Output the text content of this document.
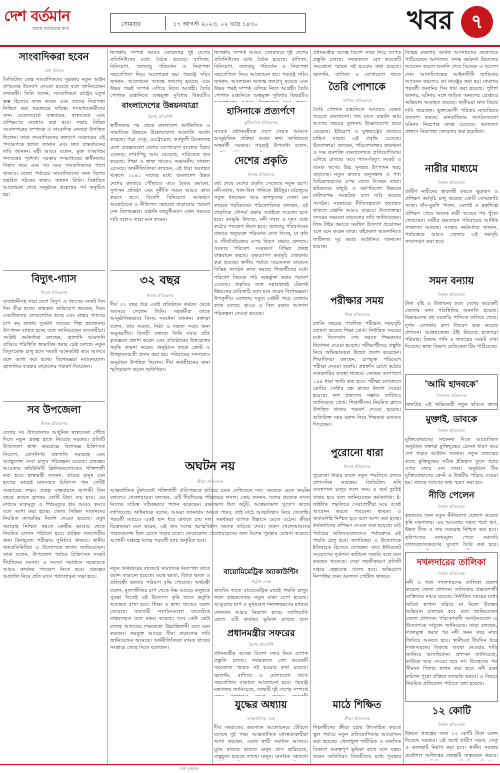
দেশ বর্তমান
অবাধ বর্তমানের কথা
সোমবার	১৭ আগস্ট ২০২৩, ০২ ভাদ্র ১৪৩০	খবর ৭
সাংবাদিকরা হবেন
প্রেস রিলিজ
ডিজিটাল ডেস্ক সাংবাদিকদের সুরক্ষায় নতুন আইন প্রণয়নের উদ্যোগ নেওয়া হয়েছে বলে জানিয়েছেন তথ্যমন্ত্রী। তিনি বলেন, সাংবাদিকরা রাষ্ট্রের চতুর্থ স্তম্ভ হিসেবে কাজ করেন এবং তাদের নিরাপত্তা নিশ্চিত করা সরকারের দায়িত্ব। গণমাধ্যমকর্মীদের জন্য ওয়েজবোর্ড বাস্তবায়ন, স্বাস্থ্যসেবা এবং প্রশিক্ষণের ব্যবস্থাও করা হবে। সভায় বিভিন্ন সংবাদপত্রের সম্পাদক ও সাংবাদিক নেতারা উপস্থিত ছিলেন। তারা সাংবাদিকদের কল্যাণে সরকারের এই পদক্ষেপকে স্বাগত জানান এবং দ্রুত বাস্তবায়নের দাবি জানান। মন্ত্রী আরও বলেন, মুক্ত গণমাধ্যম গণতন্ত্রের পূর্বশর্ত। সরকার গণমাধ্যমের স্বাধীনতায় বিশ্বাস করে এবং সব সময় সাংবাদিকদের পাশে থাকবে। জেলা পর্যায়ের সাংবাদিকদের জন্য বিশেষ তহবিল গঠনের কথাও জানান তিনি। বিস্তারিত আলোচনা শেষে অনুষ্ঠানে প্রশ্নোত্তর পর্ব অনুষ্ঠিত হয়।
বিদ্যুৎ-গ্যাস
নিজস্ব প্রতিবেদক
রাজধানীসহ সারা দেশে বিদ্যুৎ ও গ্যাসের সংকট দিন দিন তীব্র হচ্ছে। গ্রাহকরা অভিযোগ করছেন, দিনে একাধিকবার লোডশেডিং হচ্ছে এবং রান্নার গ্যাসের চাপ কম থাকায় দুর্ভোগ বাড়ছে। শিল্প কারখানায় উৎপাদন ব্যাহত হচ্ছে বলে জানিয়েছেন ব্যবসায়ীরা। সংশ্লিষ্ট কর্মকর্তারা বলছেন, জ্বালানি আমদানি বাড়িয়ে পরিস্থিতি স্বাভাবিক করার চেষ্টা চলছে। নতুন বিদ্যুৎকেন্দ্র চালু হলে সংকট অনেকটাই কমে আসবে বলে আশা করা হচ্ছে। বিশেষজ্ঞরা নবায়নযোগ্য জ্বালানির ব্যবহার বাড়ানোর পরামর্শ দিয়েছেন।
সব উপজেলা
নিজস্ব প্রতিবেদক
দেশের সব উপজেলায় আধুনিক স্বাস্থ্যসেবা পৌঁছে দিতে নতুন প্রকল্প হাতে নিয়েছে সরকার। প্রতিটি উপজেলা স্বাস্থ্য কমপ্লেক্সে বিশেষজ্ঞ চিকিৎসক নিয়োগ, রোগনির্ণয় যন্ত্রপাতি সরবরাহ এবং অ্যাম্বুলেন্স সেবা চালুর পরিকল্পনা রয়েছে। প্রকল্পের আওতায় কমিউনিটি ক্লিনিকগুলোকেও শক্তিশালী করা হবে। স্বাস্থ্যমন্ত্রী জানান, গ্রামের মানুষ যেন হাতের কাছেই মানসম্মত চিকিৎসা পান সেটিই সরকারের লক্ষ্য। প্রকল্প বাস্তবায়নে আগামী তিন বছরে কয়েক হাজার কোটি টাকা ব্যয় হবে। এর মাধ্যমে মাতৃমৃত্যু ও শিশুমৃত্যুর হার আরও কমবে বলে আশা করা হচ্ছে। জেলা সিভিল সার্জনদের নিয়মিত তদারকির নির্দেশ দেওয়া হয়েছে। ওষুধ সরবরাহ নিশ্চিত করতে কেন্দ্রীয় ভাণ্ডার থেকে নিয়মিত চালান পাঠানো হবে। প্রান্তিক জনগোষ্ঠীর জন্য বিনামূল্যে পরীক্ষার সুবিধাও থাকবে। স্থানীয় জনপ্রতিনিধিরা এ উদ্যোগকে স্বাগত জানিয়েছেন। তারা বলেন, উপজেলা পর্যায়ে চিকিৎসক সংকট দীর্ঘদিনের সমস্যা। এ সমস্যা সমাধানে সরকারকে আরও কার্যকর পদক্ষেপ নিতে হবে। প্রকল্পের অগ্রগতি নিয়ে প্রতি মাসে পর্যালোচনা সভা হবে।
দ্বিপক্ষীয় সম্পর্ক আরও জোরদারে দুই দেশের প্রতিনিধিদের মধ্যে বৈঠক হয়েছে। বাণিজ্য, বিনিয়োগ, জলবায়ু পরিবর্তন ও নিরাপত্তা সহযোগিতা নিয়ে আলোচনা হয়। পররাষ্ট্র সচিব জানান, আলোচনা অত্যন্ত ফলপ্রসূ হয়েছে এবং উভয় পক্ষই সম্পর্ক এগিয়ে নিতে আগ্রহী। তৈরি পোশাক রপ্তানিতে শুল্কমুক্ত সুবিধার বিষয়টিও
বাংলাদেশের উন্নয়নযাত্রা
বিশেষ প্রতিনিধি
স্বাধীনতার পর থেকে বাংলাদেশ অর্থনৈতিক ও সামাজিক উন্নয়নে উল্লেখযোগ্য অগ্রগতি অর্জন করেছে। পদ্মা সেতু, মেট্রোরেল, কর্ণফুলী টানেলসহ মেগা প্রকল্পগুলো দেশের যোগাযোগ ব্যবস্থায় বিপ্লব এনেছে। মাথাপিছু আয় বেড়েছে, দারিদ্র্যের হার কমেছে। শিক্ষা ও স্বাস্থ্য খাতেও অভাবনীয় সাফল্য এসেছে। অর্থনীতিবিদরা বলছেন, এই ধারা অব্যাহত থাকলে ২০৪১ সালের মধ্যে বাংলাদেশ উন্নত দেশের কাতারে পৌঁছাবে। তবে বৈষম্য কমানো, সুশাসন প্রতিষ্ঠা এবং দুর্নীতি দমনে আরও কাজ করতে হবে। বিদেশি বিনিয়োগ আকর্ষণে অবকাঠামো ও নীতিগত সহায়তা বাড়ানোর পরামর্শ দেন বিশেষজ্ঞরা। রপ্তানি বহুমুখীকরণ এখন সময়ের দাবি বলেও তারা মনে করেন।
৩২ বছর
নিজস্ব প্রতিবেদক
দীর্ঘ ৩২ বছর ধরে একই প্রতিষ্ঠানে কর্মরত থেকে অবসরে গেলেন তিনি। সহকর্মীরা তাকে আনুষ্ঠানিকভাবে বিদায় সংবর্ধনা জানান। বক্তারা বলেন, তার সততা, নিষ্ঠা ও দক্ষতা সবার জন্য অনুকরণীয়। বিদায়ী বক্তব্যে তিনি সবার প্রতি কৃতজ্ঞতা প্রকাশ করেন এবং প্রতিষ্ঠানের উত্তরোত্তর সমৃদ্ধি কামনা করেন। অনুষ্ঠানে তাকে ক্রেস্ট ও উপহারসামগ্রী প্রদান করা হয়। পরিবারের সদস্যরাও অনুষ্ঠানে উপস্থিত ছিলেন। দীর্ঘ কর্মজীবনের নানা স্মৃতিচারণা করেন অতিথিরা।
অঘটন নয়
ক্রীড়া প্রতিবেদক
আন্তর্জাতিক টুর্নামেন্টে শক্তিশালী প্রতিপক্ষকে হারিয়ে চমক দেখিয়েছে দল। অনেকে একে অঘটন বললেও খেলোয়াড়রা বলছেন, এটি দীর্ঘদিনের পরিশ্রমের ফসল। কোচ জানান, দলের প্রত্যেক সদস্য নিজের দায়িত্ব সঠিকভাবে পালন করেছেন। রক্ষণভাগ ছিল অটুট, আক্রমণভাগ সুযোগ কাজে লাগিয়েছে। অধিনায়ক বলেন, আমরা জানতাম আমরা পারব, তাই মাঠে আত্মবিশ্বাস নিয়ে খেলেছি। পরবর্তী ম্যাচেও একই ছন্দ ধরে রাখতে চায় দল। সমর্থকরা ব্যাপক উল্লাসে মেতে ওঠেন। ক্রীড়া বিশ্লেষকরা মনে করেন, এই জয় দলের আত্মবিশ্বাস অনেক বাড়িয়ে দেবে। তরুণ খেলোয়াড়দের পারফরম্যান্স ছিল চোখে পড়ার মতো। ফেডারেশন খেলোয়াড়দের জন্য বিশেষ পুরস্কার ঘোষণা করেছে। আগামী সপ্তাহে দলের পরবর্তী ম্যাচ অনুষ্ঠিত হবে।
নতুন অর্থবছরের বাজেটে সামাজিক নিরাপত্তা খাতে বরাদ্দ বাড়ানো হয়েছে। বয়স্ক ভাতা, বিধবা ভাতা ও প্রতিবন্ধী ভাতার পরিমাণ বৃদ্ধি পেয়েছে। অর্থমন্ত্রী বলেন, মূল্যস্ফীতির চাপ থেকে নিম্ন আয়ের মানুষকে সুরক্ষা দিতেই এই উদ্যোগ। কৃষি খাতে ভর্তুকি অব্যাহত রাখা হবে। শিক্ষা ও স্বাস্থ্য খাতেও বরাদ্দ বেড়েছে। ব্যবসায়ী সংগঠনগুলো বাজেটকে বাস্তবসম্মত বলে মন্তব্য করেছে। তবে কেউ কেউ রাজস্ব আদায়ের লক্ষ্যমাত্রা উচ্চাভিলাষী বলে মনে করছেন। করমুক্ত আয়ের সীমা বাড়ানোর দাবি জানিয়েছেন অনেকে। অর্থনীতিবিদরা ব্যাংক খাতের সংস্কারে জোর দিতে বলেছেন।
দ্বিপক্ষীয় সম্পর্ক আরও জোরদারে দুই দেশের প্রতিনিধিদের মধ্যে বৈঠক হয়েছে। বাণিজ্য, বিনিয়োগ, জলবায়ু পরিবর্তন ও নিরাপত্তা সহযোগিতা নিয়ে আলোচনা হয়। পররাষ্ট্র সচিব জানান, আলোচনা অত্যন্ত ফলপ্রসূ হয়েছে এবং উভয় পক্ষই সম্পর্ক এগিয়ে নিতে আগ্রহী। তৈরি পোশাক রপ্তানিতে শুল্কমুক্ত সুবিধার বিষয়টিও
হাসিনাকে প্রত্যর্পণে
কূটনৈতিক প্রতিবেদক
সাবেক প্রধানমন্ত্রীকে দেশে ফেরত আনতে আনুষ্ঠানিক প্রক্রিয়া শুরুর কথা জানিয়েছে অন্তর্বর্তী সরকার। পররাষ্ট্র উপদেষ্টা বলেন,
দেশের প্রকৃতি
নিজস্ব প্রতিবেদক
বর্ষা শেষে দেশের প্রকৃতি সেজেছে নতুন রূপে। নদী-নালা, খাল-বিল পানিতে টইটম্বুর। মাঠজুড়ে সবুজ ধানক্ষেত আর কাশফুলের দোলা মন কাড়ছে পর্যটকদের। পরিবেশবিদরা বলছেন, এই প্রাকৃতিক সৌন্দর্য রক্ষায় সবাইকে সচেতন হতে হবে। বনভূমি উজাড়, নদী দখল ও দূষণ বন্ধে কঠোর পদক্ষেপ নিতে হবে। জলবায়ু পরিবর্তনের প্রভাবে ঋতুচক্রে পরিবর্তন দেখা দিচ্ছে, যা কৃষি ও জীববৈচিত্র্যের ওপর বিরূপ প্রভাব ফেলছে। সরকার পরিবেশ সংরক্ষণে বিভিন্ন প্রকল্প বাস্তবায়ন করছে। বৃক্ষরোপণ কর্মসূচি জোরদার করা হয়েছে। স্থানীয় পর্যায়ে সচেতনতা বাড়াতে বিভিন্ন সংগঠন কাজ করছে। শিক্ষার্থীদের মধ্যে পরিবেশ বিষয়ক পাঠ অন্তর্ভুক্ত করার পরামর্শ এসেছে। প্রকৃতির সঙ্গে সহাবস্থানই টেকসই উন্নয়নের চাবিকাঠি বলে মনে করেন বিশেষজ্ঞরা। উপকূলীয় এলাকায় সবুজ বেষ্টনী গড়ে তোলার কাজ চলছে। হাওর ও বিল রক্ষায় আলাদা পরিকল্পনা নেওয়া হয়েছে।
বায়োমিমেট্রিক অ্যাকাউন্টিং
প্রযুক্তি ডেস্ক
ব্যাংকিং খাতে বায়োমেট্রিক যাচাই পদ্ধতি চালুর ফলে গ্রাহকসেবায় নতুন মাত্রা যোগ হয়েছে। আঙুলের ছাপ ও মুখমণ্ডল শনাক্তকরণের মাধ্যমে লেনদেন আরও নিরাপদ হচ্ছে। জালিয়াতি রোধে এটি কার্যকর ভূমিকা রাখছে বলে
প্রধানমন্ত্রীর সফরের
বিশেষ প্রতিনিধি
প্রধানমন্ত্রীর আসন্ন বিদেশ সফর নিয়ে ব্যাপক প্রস্তুতি চলছে। সফরকালে বেশ কয়েকটি সমঝোতা স্মারক সই হওয়ার কথা রয়েছে। জ্বালানি, বাণিজ্য ও যোগাযোগ খাতে সহযোগিতা বাড়াতে আলোচনা হবে। পররাষ্ট্র মন্ত্রণালয় জানিয়েছে, সফরটি দুই দেশের সম্পর্কে
যুদ্ধের অধ্যায়
আন্তর্জাতিক ডেস্ক
দীর্ঘ সংঘাতের অবসানে আলোচনার টেবিলে বসেছে দুই পক্ষ। আন্তর্জাতিক মধ্যস্থতাকারীরা আশা করছেন, এবার স্থায়ী সমাধান আসবে। যুদ্ধে হাজার হাজার মানুষ প্রাণ হারিয়েছে, বাস্তুচ্যুত হয়েছে লাখো মানুষ। মানবিক সহায়তা
প্রধানমন্ত্রীর আসন্ন বিদেশ সফর নিয়ে ব্যাপক প্রস্তুতি চলছে। সফরকালে বেশ কয়েকটি সমঝোতা স্মারক সই হওয়ার কথা রয়েছে। জ্বালানি, বাণিজ্য ও যোগাযোগ খাতে
তৈরি পোশাকে
বাণিজ্য প্রতিবেদক
তৈরি পোশাক রপ্তানিতে আবারও রেকর্ড গড়েছে বাংলাদেশ। গত মাসে রপ্তানি আয় আগের বছরের তুলনায় উল্লেখযোগ্য হারে বেড়েছে। ইউরোপ ও যুক্তরাষ্ট্রের বাজারে চাহিদা বাড়ায় এই প্রবৃদ্ধি এসেছে। উদ্যোক্তারা বলছেন, পরিবেশবান্ধব কারখানা ও দক্ষ শ্রমশক্তি বাংলাদেশকে প্রতিযোগিতায় এগিয়ে রাখছে। তবে গ্যাস-বিদ্যুৎ সংকট ও ব্যাংক ঋণের উচ্চ সুদহার উৎপাদন খরচ বাড়াচ্ছে। নতুন বাজার অনুসন্ধান ও পণ্য বৈচিত্র্যকরণের ওপর জোর দিচ্ছেন তারা। শ্রমিকদের মজুরি ও কর্মপরিবেশ উন্নয়নে মালিকপক্ষ আন্তরিক বলে দাবি করেছে সংগঠন। সরকারের নীতিসহায়তা অব্যাহত থাকলে রপ্তানি আরও বাড়বে। উদ্যোক্তারা বন্দরের সক্ষমতা বাড়ানোর দাবি জানিয়েছেন। লিড টাইম কমাতে সমন্বিত উদ্যোগ প্রয়োজন বলে মনে করেন তারা। কাঁচামাল আমদানিতে জটিলতা দূর করার আহ্বানও জানানো হয়েছে।
পরীক্ষার সময়
শিক্ষা প্রতিবেদক
চলতি বছরের পাবলিক পরীক্ষার সময়সূচি ঘোষণা করেছে শিক্ষা বোর্ড। নির্ধারিত সময়ের মধ্যে সিলেবাস শেষ করতে শিক্ষকদের নির্দেশনা দেওয়া হয়েছে। পরীক্ষার্থীদের প্রস্তুতি নিয়ে অভিভাবকরা উদ্বেগ প্রকাশ করেছেন। শিক্ষাবিদরা বলছেন, চাপমুক্ত পরিবেশে পরীক্ষা নেওয়া জরুরি। প্রশ্নফাঁস রোধে কঠোর নজরদারির ব্যবস্থা থাকবে। কেন্দ্রের আশপাশে ১৪৪ ধারা জারি করা হবে। পরীক্ষা চলাকালে কোচিং সেন্টার বন্ধ রাখার নির্দেশ দেওয়া হয়েছে। ফল প্রকাশের সম্ভাব্য তারিখও জানিয়েছে বোর্ড। শিক্ষার্থীদের নিয়মিত ক্লাসে উপস্থিত থাকার পরামর্শ দেওয়া হয়েছে। অতিরিক্ত সময় বরাদ্দ নিয়ে শিক্ষকরা মতামত দিয়েছেন।
পুরোনো ধারা
নিজস্ব প্রতিবেদক
পুরোনো ধারার বদলে নতুন পদ্ধতিতে চলবে প্রশাসনিক কার্যক্রম। ডিজিটাল নথি ব্যবস্থাপনা চালুর ফলে সময় ও অর্থ দুটোই সাশ্রয় হবে বলে জানিয়েছেন কর্মকর্তারা। ই-ফাইলিং পদ্ধতিতে সেবাপ্রার্থীরা ঘরে বসেই আবেদন করতে পারবেন। স্বচ্ছতা ও জবাবদিহি নিশ্চিত হবে বলে আশা করা হচ্ছে। কর্মকর্তাদের প্রশিক্ষণ দেওয়া শুরু হয়েছে। মাঠ পর্যায়ের অফিসগুলোতেও পর্যায়ক্রমে এই পদ্ধতি চালু হবে। নাগরিকরা এ উদ্যোগকে ইতিবাচক হিসেবে দেখছেন। তবে ইন্টারনেট সংযোগের দুর্বলতা কাটানো জরুরি বলে মনে করছেন অনেকে। সেবা সহজীকরণে প্রতিটি দপ্তরে হেল্পডেস্ক খোলা হবে। অভিযোগ নিষ্পত্তির জন্য আলাদা পোর্টাল থাকবে।
মাঠে শিক্ষিত
ক্রীড়া প্রতিবেদক
শিক্ষার্থীদের ক্রীড়া চর্চায় উৎসাহিত করতে স্কুল পর্যায়ে নতুন প্রতিযোগিতার আয়োজন করা হয়েছে। খেলাধুলা শারীরিক ও মানসিক বিকাশে গুরুত্বপূর্ণ ভূমিকা রাখে বলে মন্তব্য করেন অতিথিরা। বিজয়ীদের মধ্যে পুরস্কার
বিভিন্ন মামলায় আটক আসামিদের কারাগারে পাঠিয়েছেন আদালত। তদন্ত কর্মকর্তা রিমান্ডের আবেদন করলে শুনানি শেষে বিচারক এ আদেশ দেন। আসামিপক্ষের আইনজীবী জামিনের আবেদন করলেও তা নামঞ্জুর করা হয়। মামলার পরবর্তী শুনানির দিন ধার্য করা হয়েছে। পুলিশ জানায়, ঘটনার সঙ্গে জড়িত অন্যদের গ্রেপ্তারে অভিযান অব্যাহত রয়েছে। স্থানীয়রা দ্রুত বিচার দাবি করেছেন। ভুক্তভোগী পরিবার ন্যায়বিচার প্রত্যাশা করছে। মানবাধিকার সংগঠনগুলো ঘটনার নিরপেক্ষ তদন্ত চেয়েছে। আদালত প্রাঙ্গণে নিরাপত্তা জোরদার করা হয়েছিল।
নারীর মাধ্যমে
নিজস্ব প্রতিবেদক
গ্রামীণ নারীদের স্বাবলম্বী করতে ক্ষুদ্রঋণ ও প্রশিক্ষণ কর্মসূচি চালু করেছে একটি বেসরকারি সংস্থা। হাঁস-মুরগি পালন, সেলাই ও হস্তশিল্পে প্রশিক্ষণ পেয়ে অনেক নারী আয়ের পথ খুঁজে পেয়েছেন। নারীর ক্ষমতায়ন পরিবারের আর্থিক সচ্ছলতা আনছে। সংস্থার কর্মকর্তারা জানান, পর্যায়ক্রমে আরও জেলায় এই কর্মসূচি সম্প্রসারণ করা হবে।
সমন বন্যায়
নিজস্ব প্রতিবেদক
টানা বৃষ্টি ও উজানের ঢলে দেশের কয়েকটি জেলায় বন্যা পরিস্থিতির অবনতি হয়েছে। নিম্নাঞ্চলের বহু ঘরবাড়ি পানিতে তলিয়ে গেছে। দুর্গত এলাকায় ত্রাণ বিতরণ শুরু করেছে প্রশাসন। আশ্রয়কেন্দ্রে ঠাঁই নিয়েছে হাজারো পরিবার। বিশুদ্ধ পানি ও খাবারের সংকট দেখা দিয়েছে। স্বাস্থ্য বিভাগ মেডিকেল টিম পাঠিয়েছে।
'আমি হাদবকে'
বিনোদন প্রতিবেদক
জনপ্রিয় এই অভিনেত্রী নতুন ছবিতে কাজ
মুক্তাই, ডাবকে
নিজস্ব প্রতিবেদক
মুক্তিযোদ্ধাদের সম্মাননা দিতে আয়োজিত অনুষ্ঠানে বক্তারা মুক্তিযুদ্ধের চেতনা ধারণ করে দেশ গড়ার আহ্বান জানান। নতুন প্রজন্মের কাছে মুক্তিযুদ্ধের সঠিক ইতিহাস তুলে ধরার ওপর জোর দেন তারা। অনুষ্ঠানে বীর মুক্তিযোদ্ধাদের ক্রেস্ট ও উত্তরীয় পরিয়ে দেওয়া হয়। তাদের ত্যাগের কথা স্মরণ করা হয়।
নীতি পেলেন
নিজস্ব প্রতিবেদক
কৃষকদের জন্য নতুন নীতিমালা ঘোষণা করেছে কৃষি মন্ত্রণালয়। এর আওতায় সহজ শর্তে ঋণ, উন্নত বীজ ও সার সরবরাহ নিশ্চিত করা হবে। কৃষিপণ্যের ন্যায্যমূল্য পেতে সরাসরি বাজারজাতকরণের সুযোগ তৈরি করা হবে।
দখলদারের তালিকা
নিজস্ব প্রতিবেদক
নদী ও খাল দখলদারদের তালিকা প্রকাশ করেছে জেলা প্রশাসন। তালিকায় প্রভাবশালী ব্যক্তিদের নামও রয়েছে। নির্ধারিত সময়ের মধ্যে অবৈধ স্থাপনা সরিয়ে না নিলে উচ্ছেদ অভিযান চালানো হবে বলে জানিয়েছেন জেলা প্রশাসক। পরিবেশবাদী সংগঠনগুলো এ উদ্যোগকে সাধুবাদ জানিয়েছে। তারা বলছেন, দখলমুক্ত করার পর নদী খনন করে নাব্য ফিরিয়ে আনতে হবে। স্থানীয়রা দীর্ঘদিন ধরে দখলদারদের বিরুদ্ধে ব্যবস্থা নেওয়ার দাবি জানিয়ে আসছিলেন। প্রশাসন জানিয়েছে, কাউকে ছাড় দেওয়া হবে না। উচ্ছেদের পর সীমানা পিলার স্থাপন করা হবে। নদী রক্ষা কমিশন পুরো প্রক্রিয়া তদারকি করবে। এ বিষয়ে নিয়মিত প্রতিবেদন পাঠাতে বলা হয়েছে।
১২ কোটি
নিজস্ব প্রতিবেদক
উন্নয়ন প্রকল্পের জন্য ১২ কোটি টাকা বরাদ্দ দিয়েছে সরকার। এই অর্থে গ্রামীণ সড়ক, সেতু ও কালভার্ট নির্মাণ করা হবে। স্থানীয় সরকার প্রকৌশল অধিদপ্তর প্রকল্পটি বাস্তবায়ন করবে।
দেশ বর্তমান
